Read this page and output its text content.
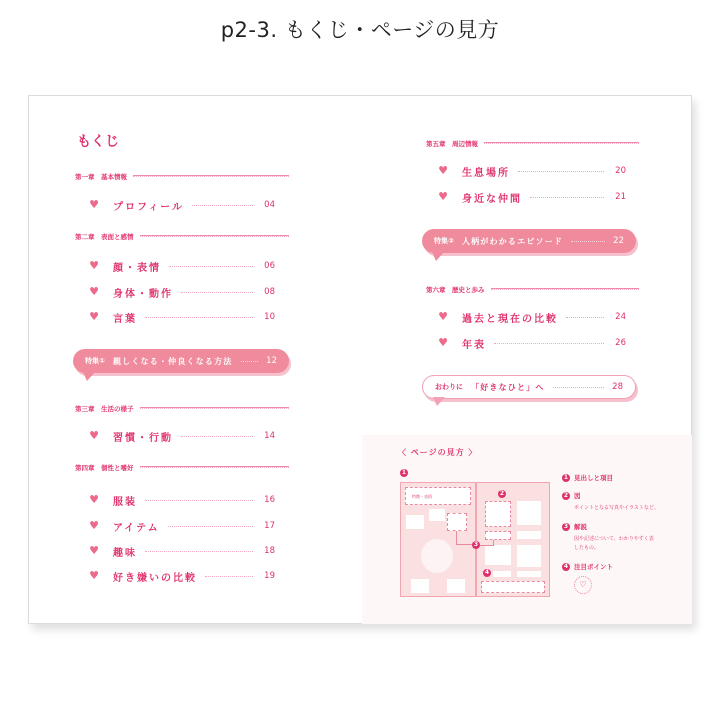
p2-3. もくじ・ページの見方
もくじ
第一章　基本情報
♥ プロフィール	04
第二章　表面と感情
♥ 顔・表情	06
♥ 身体・動作	08
♥ 言葉	10
特集① 親しくなる・仲良くなる方法	12
第三章　生活の様子
♥ 習慣・行動	14
第四章　個性と嗜好
♥ 服装	16
♥ アイテム	17
♥ 趣味	18
♥ 好き嫌いの比較	19
第五章　周辺情報
♥ 生息場所	20
♥ 身近な仲間	21
特集② 人柄がわかるエピソード	22
第六章　歴史と歩み
♥ 過去と現在の比較	24
♥ 年表	26
おわりに 「好きなひと」へ	28
〈 ページの見方 〉
1
特徴・表情	2
3
4
1 見出しと項目
2 図
ポイントとなる写真やイラストなど。
3 解説
図や記述について、わかりやすく表したもの。
4 注目ポイント
♡
